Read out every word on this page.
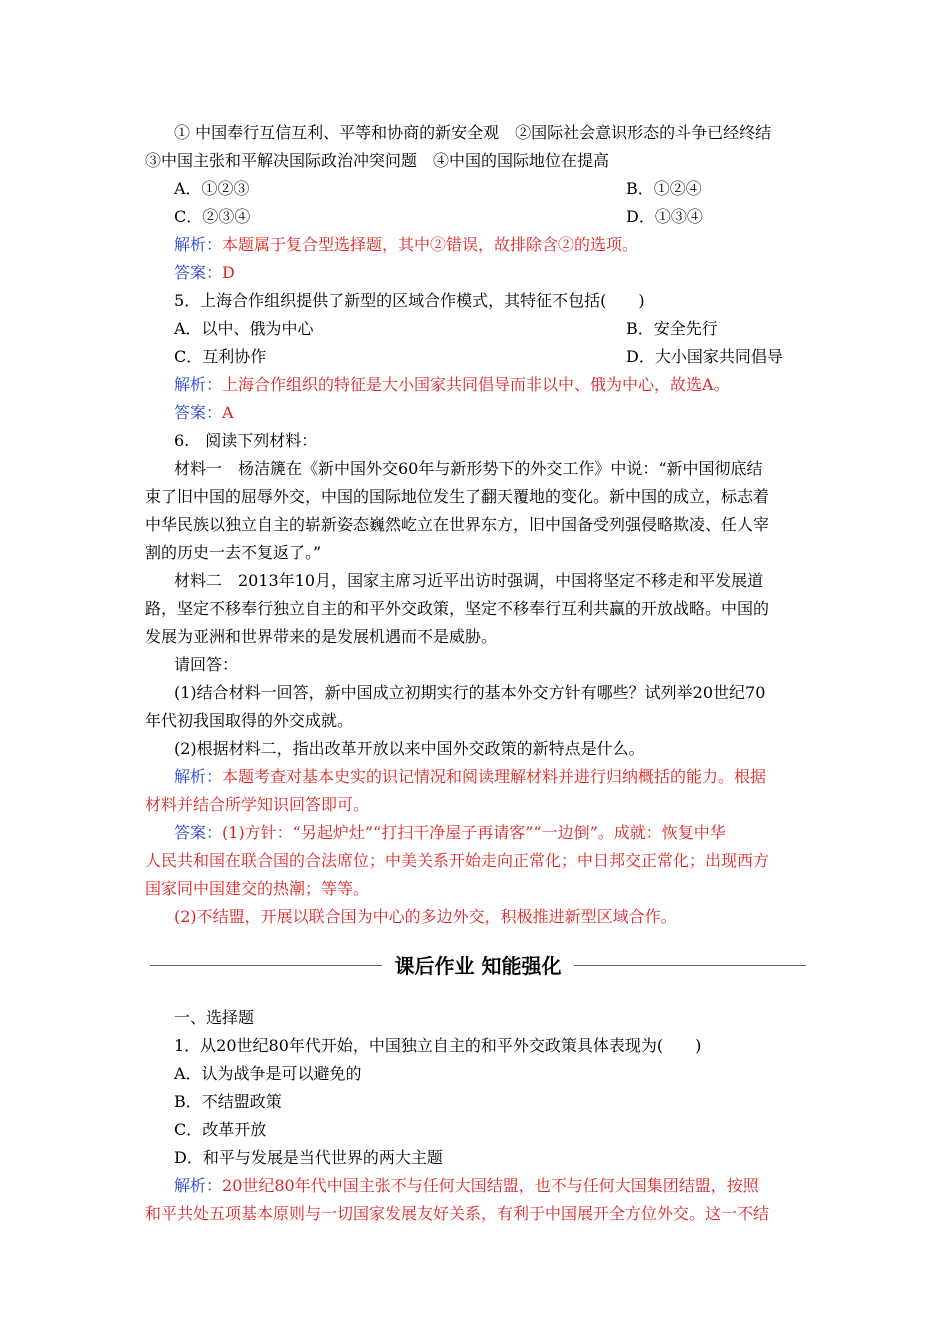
① 中国奉行互信互利、平等和协商的新安全观　②国际社会意识形态的斗争已经终结
③中国主张和平解决国际政治冲突问题　④中国的国际地位在提高
A．①②③	B．①②④
C．②③④	D．①③④
解析：本题属于复合型选择题，其中②错误，故排除含②的选项。
答案：D
5．上海合作组织提供了新型的区域合作模式，其特征不包括(　　)
A．以中、俄为中心	B．安全先行
C．互利协作	D．大小国家共同倡导
解析：上海合作组织的特征是大小国家共同倡导而非以中、俄为中心，故选A。
答案：A
6.　阅读下列材料：
材料一　杨洁篪在《新中国外交60年与新形势下的外交工作》中说：“新中国彻底结
束了旧中国的屈辱外交，中国的国际地位发生了翻天覆地的变化。新中国的成立，标志着
中华民族以独立自主的崭新姿态巍然屹立在世界东方，旧中国备受列强侵略欺凌、任人宰
割的历史一去不复返了。”
材料二　2013年10月，国家主席习近平出访时强调，中国将坚定不移走和平发展道
路，坚定不移奉行独立自主的和平外交政策，坚定不移奉行互利共赢的开放战略。中国的
发展为亚洲和世界带来的是发展机遇而不是威胁。
请回答：
(1)结合材料一回答，新中国成立初期实行的基本外交方针有哪些？试列举20世纪70
年代初我国取得的外交成就。
(2)根据材料二，指出改革开放以来中国外交政策的新特点是什么。
解析：本题考查对基本史实的识记情况和阅读理解材料并进行归纳概括的能力。根据
材料并结合所学知识回答即可。
答案：(1)方针：“另起炉灶”“打扫干净屋子再请客”“一边倒”。成就：恢复中华
人民共和国在联合国的合法席位；中美关系开始走向正常化；中日邦交正常化；出现西方
国家同中国建交的热潮；等等。
(2)不结盟，开展以联合国为中心的多边外交，积极推进新型区域合作。
课后作业 知能强化
一、选择题
1．从20世纪80年代开始，中国独立自主的和平外交政策具体表现为(　　)
A．认为战争是可以避免的
B．不结盟政策
C．改革开放
D．和平与发展是当代世界的两大主题
解析：20世纪80年代中国主张不与任何大国结盟，也不与任何大国集团结盟，按照
和平共处五项基本原则与一切国家发展友好关系，有利于中国展开全方位外交。这一不结
